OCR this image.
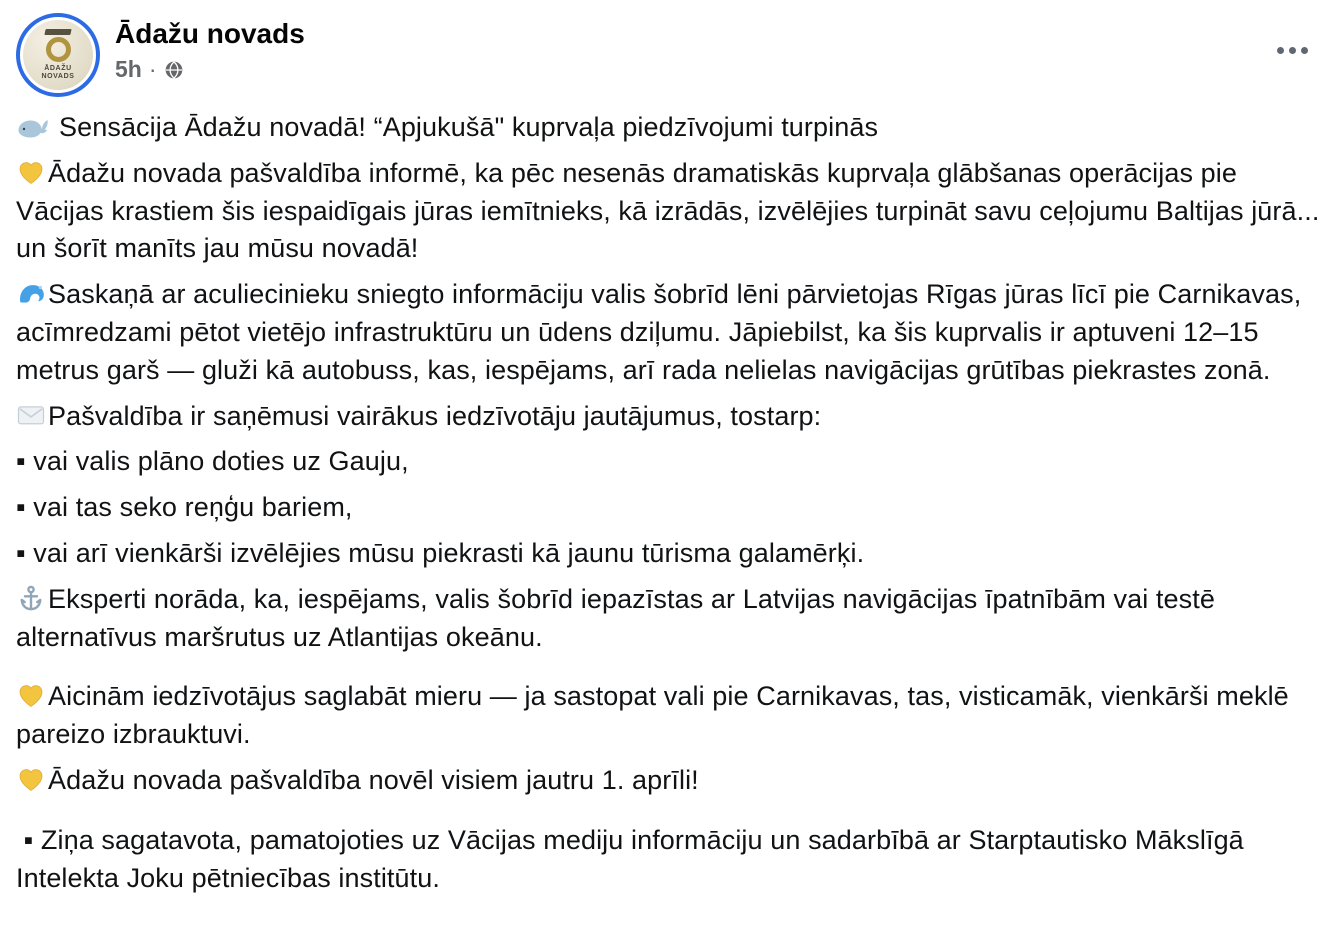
ĀDAŽU
NOVADS
Ādažu novads
5h ·

Sensācija Ādažu novadā! “Apjukušā" kuprvaļa piedzīvojumi turpinās

Ādažu novada pašvaldība informē, ka pēc nesenās dramatiskās kuprvaļa glābšanas operācijas pie Vācijas krastiem šis iespaidīgais jūras iemītnieks, kā izrādās, izvēlējies turpināt savu ceļojumu Baltijas jūrā... un šorīt manīts jau mūsu novadā!

Saskaņā ar aculiecinieku sniegto informāciju valis šobrīd lēni pārvietojas Rīgas jūras līcī pie Carnikavas, acīmredzami pētot vietējo infrastruktūru un ūdens dziļumu. Jāpiebilst, ka šis kuprvalis ir aptuveni 12–15 metrus garš — gluži kā autobuss, kas, iespējams, arī rada nelielas navigācijas grūtības piekrastes zonā.

Pašvaldība ir saņēmusi vairākus iedzīvotāju jautājumus, tostarp:

▪ vai valis plāno doties uz Gauju,

▪ vai tas seko reņģu bariem,

▪ vai arī vienkārši izvēlējies mūsu piekrasti kā jaunu tūrisma galamērķi.

Eksperti norāda, ka, iespējams, valis šobrīd iepazīstas ar Latvijas navigācijas īpatnībām vai testē alternatīvus maršrutus uz Atlantijas okeānu.

Aicinām iedzīvotājus saglabāt mieru — ja sastopat vali pie Carnikavas, tas, visticamāk, vienkārši meklē pareizo izbrauktuvi.

Ādažu novada pašvaldība novēl visiem jautru 1. aprīli!

▪ Ziņa sagatavota, pamatojoties uz Vācijas mediju informāciju un sadarbībā ar Starptautisko Mākslīgā Intelekta Joku pētniecības institūtu.
